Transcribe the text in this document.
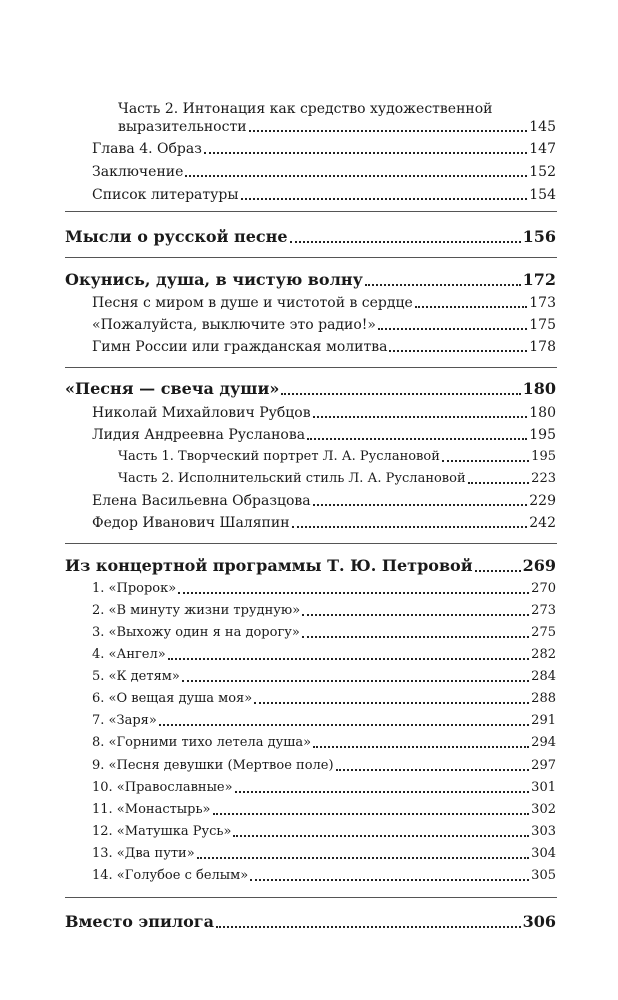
Часть 2. Интонация как средство художественной
выразительности	145
Глава 4. Образ	147
Заключение	152
Список литературы	154
Мысли о русской песне	156
Окунись, душа, в чистую волну	172
Песня с миром в душе и чистотой в сердце	173
«Пожалуйста, выключите это радио!»	175
Гимн России или гражданская молитва	178
«Песня — свеча души»	180
Николай Михайлович Рубцов	180
Лидия Андреевна Русланова	195
Часть 1. Творческий портрет Л. А. Руслановой	195
Часть 2. Исполнительский стиль Л. А. Руслановой	223
Елена Васильевна Образцова	229
Федор Иванович Шаляпин	242
Из концертной программы Т. Ю. Петровой	269
1. «Пророк»	270
2. «В минуту жизни трудную»	273
3. «Выхожу один я на дорогу»	275
4. «Ангел»	282
5. «К детям»	284
6. «О вещая душа моя»	288
7. «Заря»	291
8. «Горними тихо летела душа»	294
9. «Песня девушки (Мертвое поле)	297
10. «Православные»	301
11. «Монастырь»	302
12. «Матушка Русь»	303
13. «Два пути»	304
14. «Голубое с белым»	305
Вместо эпилога	306
